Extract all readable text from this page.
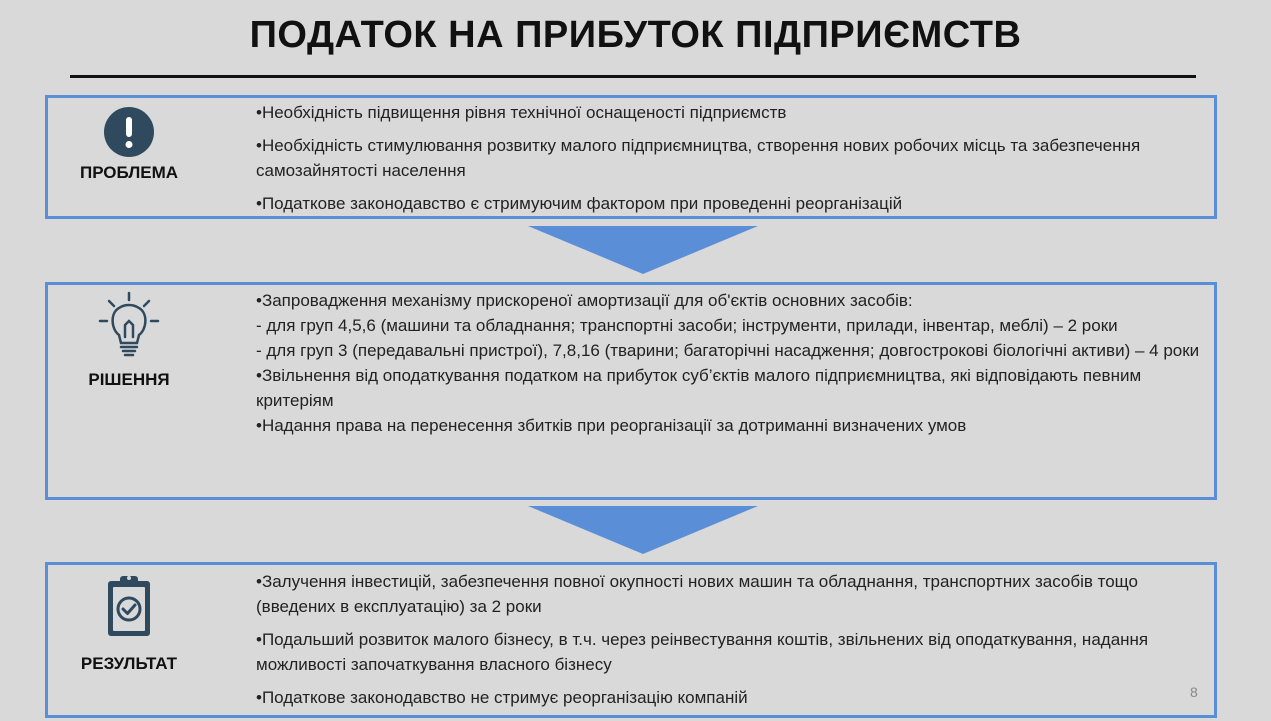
ПОДАТОК НА ПРИБУТОК ПІДПРИЄМСТВ
ПРОБЛЕМА

•Необхідність підвищення рівня технічної оснащеності підприємств

•Необхідність стимулювання розвитку малого підприємництва, створення нових робочих місць та забезпечення самозайнятості населення

•Податкове законодавство є стримуючим фактором при проведенні реорганізацій

РІШЕННЯ

•Запровадження механізму прискореної амортизації для об'єктів основних засобів:

- для груп 4,5,6 (машини та обладнання; транспортні засоби; інструменти, прилади, інвентар, меблі) – 2 роки

- для груп 3 (передавальні пристрої), 7,8,16 (тварини; багаторічні насадження; довгострокові біологічні активи) – 4 роки

•Звільнення від оподаткування податком на прибуток суб’єктів малого підприємництва, які відповідають певним критеріям

•Надання права на перенесення збитків при реорганізації за дотриманні визначених умов

РЕЗУЛЬТАТ

•Залучення інвестицій, забезпечення повної окупності нових машин та обладнання, транспортних засобів тощо (введених в експлуатацію) за 2 роки

•Подальший розвиток малого бізнесу, в т.ч. через реінвестування коштів, звільнених від оподаткування, надання можливості започаткування власного бізнесу

•Податкове законодавство не стримує реорганізацію компаній	8
